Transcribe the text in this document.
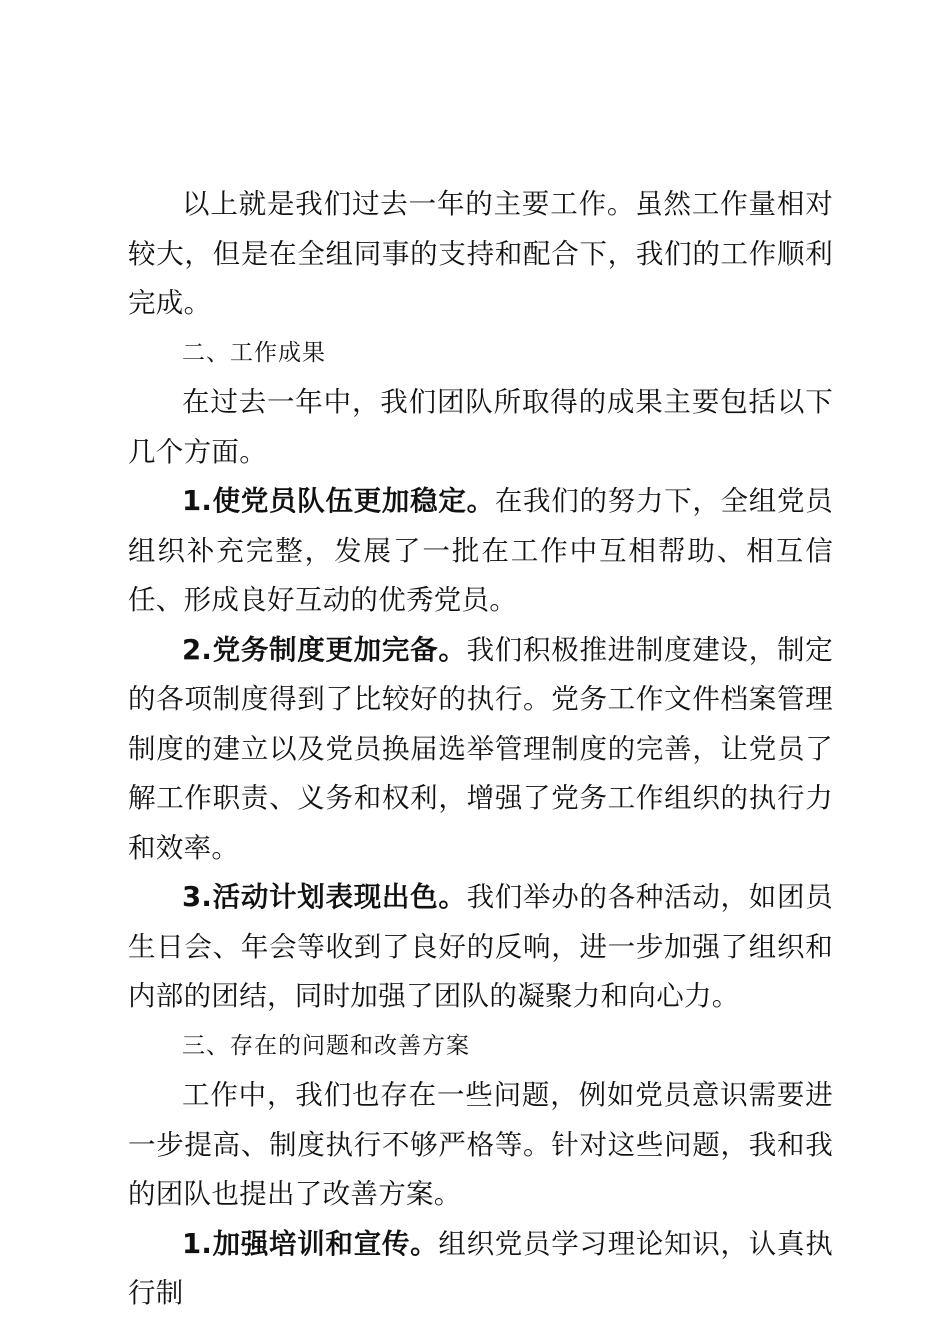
以上就是我们过去一年的主要工作。虽然工作量相对较大，但是在全组同事的支持和配合下，我们的工作顺利完成。

二、工作成果

在过去一年中，我们团队所取得的成果主要包括以下几个方面。

1.使党员队伍更加稳定。在我们的努力下，全组党员组织补充完整，发展了一批在工作中互相帮助、相互信任、形成良好互动的优秀党员。

2.党务制度更加完备。我们积极推进制度建设，制定的各项制度得到了比较好的执行。党务工作文件档案管理制度的建立以及党员换届选举管理制度的完善，让党员了解工作职责、义务和权利，增强了党务工作组织的执行力和效率。

3.活动计划表现出色。我们举办的各种活动，如团员生日会、年会等收到了良好的反响，进一步加强了组织和内部的团结，同时加强了团队的凝聚力和向心力。

三、存在的问题和改善方案

工作中，我们也存在一些问题，例如党员意识需要进一步提高、制度执行不够严格等。针对这些问题，我和我的团队也提出了改善方案。

1.加强培训和宣传。组织党员学习理论知识，认真执行制
